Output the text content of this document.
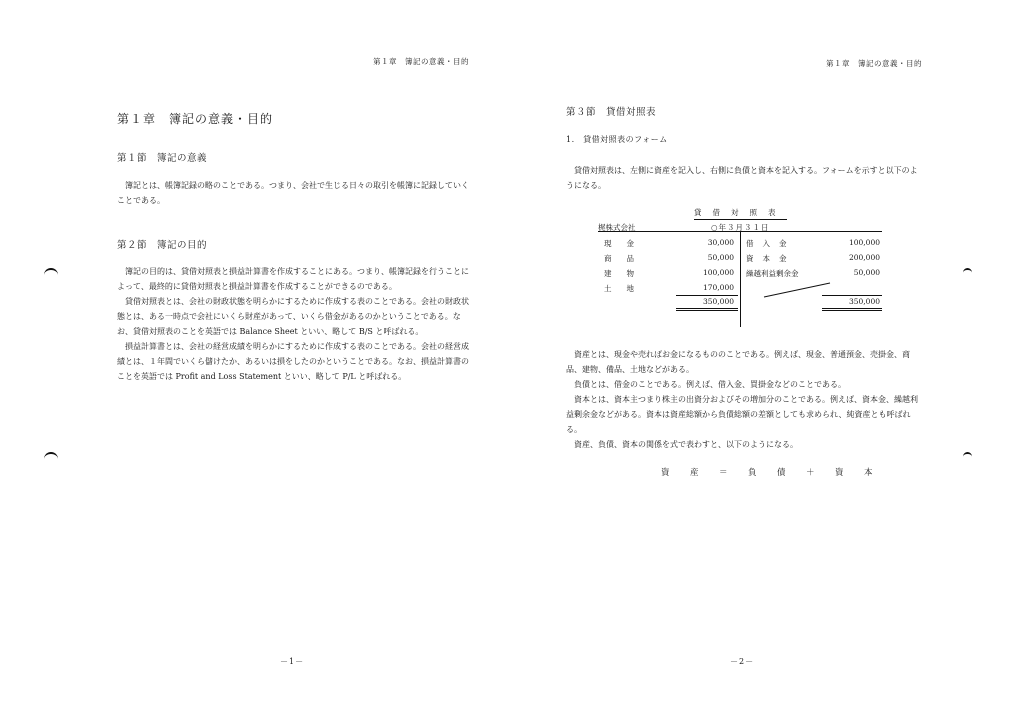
第１章　簿記の意義・目的
第１章　簿記の意義・目的
第１節　簿記の意義

簿記とは、帳簿記録の略のことである。つまり、会社で生じる日々の取引を帳簿に記録していくことである。

第２節　簿記の目的

簿記の目的は、貸借対照表と損益計算書を作成することにある。つまり、帳簿記録を行うことによって、最終的に貸借対照表と損益計算書を作成することができるのである。

貸借対照表とは、会社の財政状態を明らかにするために作成する表のことである。会社の財政状態とは、ある一時点で会社にいくら財産があって、いくら借金があるのかということである。なお、貸借対照表のことを英語では Balance Sheet といい、略して B/S と呼ばれる。

損益計算書とは、会社の経営成績を明らかにするために作成する表のことである。会社の経営成績とは、１年間でいくら儲けたか、あるいは損をしたのかということである。なお、損益計算書のことを英語では Profit and Loss Statement といい、略して P/L と呼ばれる。

－1－
第１章　簿記の意義・目的
第３節　貸借対照表
1.　貸借対照表のフォーム

貸借対照表は、左側に資産を記入し、右側に負債と資本を記入する。フォームを示すと以下のようになる。

貸借対照表
梶株式会社	○年３月３１日
現金	30,000 借入金	100,000
商品	50,000 資本金	200,000
建物	100,000 繰越利益剰余金	50,000
土地	170,000
350,000	350,000

資産とは、現金や売ればお金になるもののことである。例えば、現金、普通預金、売掛金、商品、建物、備品、土地などがある。

負債とは、借金のことである。例えば、借入金、買掛金などのことである。

資本とは、資本主つまり株主の出資分およびその増加分のことである。例えば、資本金、繰越利益剰余金などがある。資本は資産総額から負債総額の差額としても求められ、純資産とも呼ばれる。

資産、負債、資本の関係を式で表わすと、以下のようになる。

資　産　＝　負　債　＋　資　本
－2－
